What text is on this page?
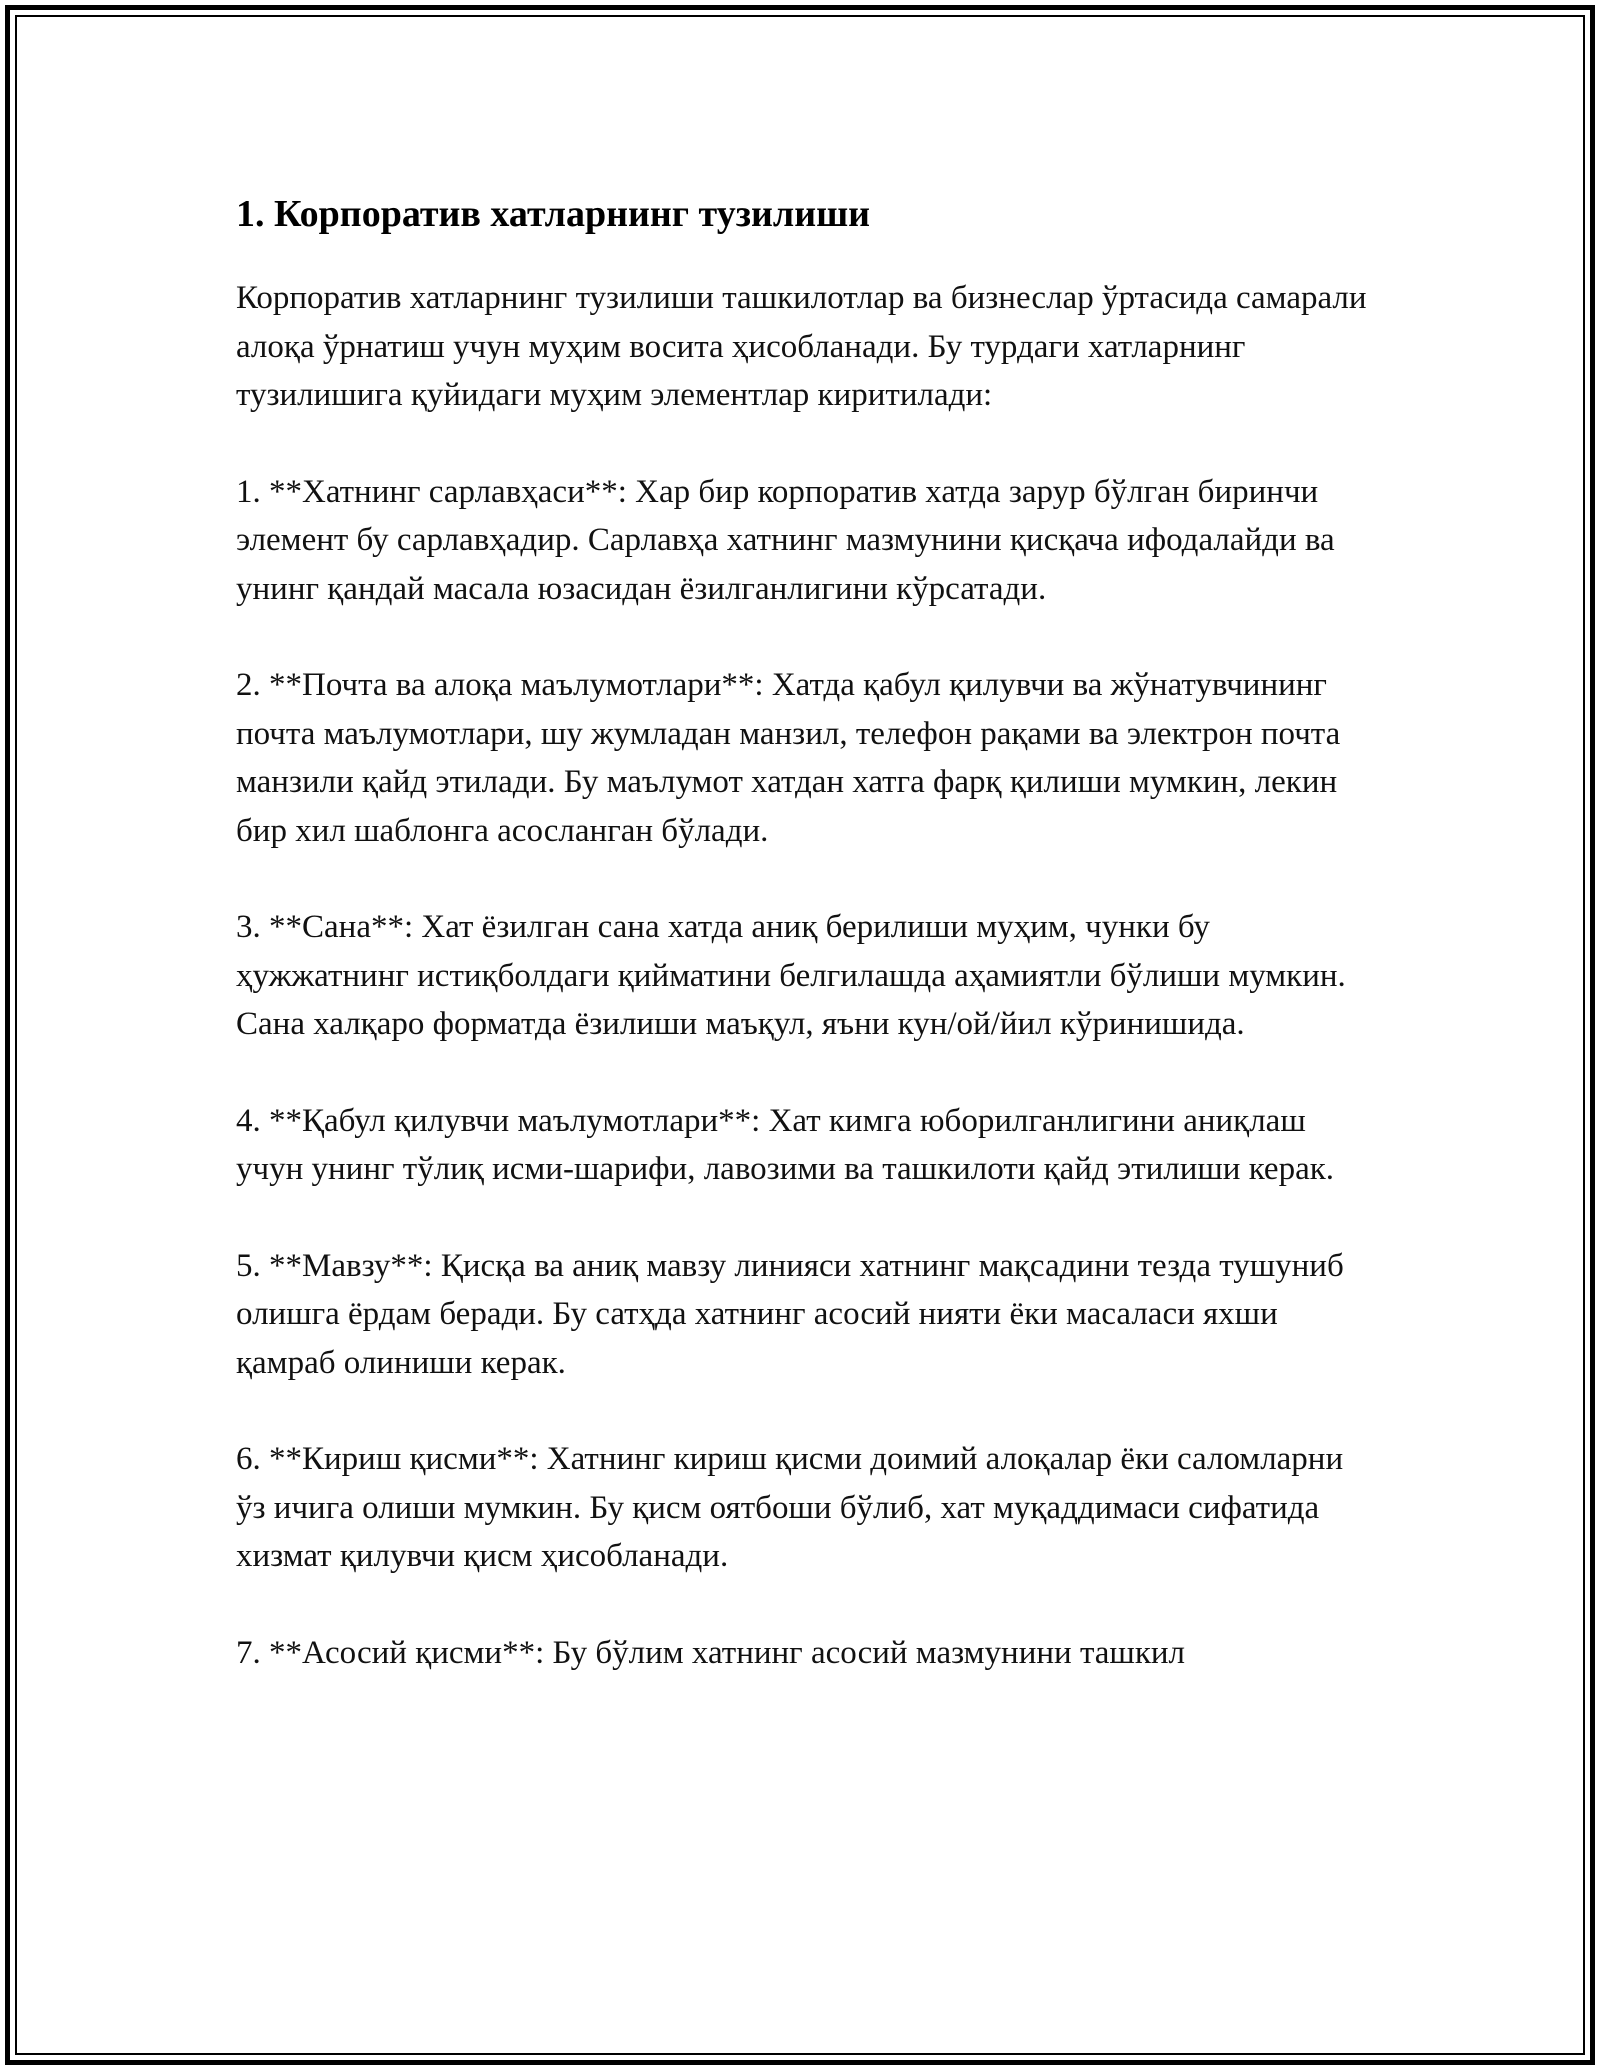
1. Корпоратив хатларнинг тузилиши

Корпоратив хатларнинг тузилиши ташкилотлар ва бизнеслар ўртасида самарали алоқа ўрнатиш учун муҳим восита ҳисобланади. Бу турдаги хатларнинг тузилишига қуйидаги муҳим элементлар киритилади:

1. **Хатнинг сарлавҳаси**: Хар бир корпоратив хатда зарур бўлган биринчи элемент бу сарлавҳадир. Сарлавҳа хатнинг мазмунини қисқача ифодалайди ва унинг қандай масала юзасидан ёзилганлигини кўрсатади.

2. **Почта ва алоқа маълумотлари**: Хатда қабул қилувчи ва жўнатувчининг почта маълумотлари, шу жумладан манзил, телефон рақами ва электрон почта манзили қайд этилади. Бу маълумот хатдан хатга фарқ қилиши мумкин, лекин бир хил шаблонга асосланган бўлади.

3. **Сана**: Хат ёзилган сана хатда аниқ берилиши муҳим, чунки бу ҳужжатнинг истиқболдаги қийматини белгилашда аҳамиятли бўлиши мумкин. Сана халқаро форматда ёзилиши маъқул, яъни кун/ой/йил кўринишида.

4. **Қабул қилувчи маълумотлари**: Хат кимга юборилганлигини аниқлаш учун унинг тўлиқ исми-шарифи, лавозими ва ташкилоти қайд этилиши керак.

5. **Мавзу**: Қисқа ва аниқ мавзу линияси хатнинг мақсадини тезда тушуниб олишга ёрдам беради. Бу сатҳда хатнинг асосий нияти ёки масаласи яхши қамраб олиниши керак.

6. **Кириш қисми**: Хатнинг кириш қисми доимий алоқалар ёки саломларни ўз ичига олиши мумкин. Бу қисм оятбоши бўлиб, хат муқаддимаси сифатида хизмат қилувчи қисм ҳисобланади.

7. **Асосий қисми**: Бу бўлим хатнинг асосий мазмунини ташкил
